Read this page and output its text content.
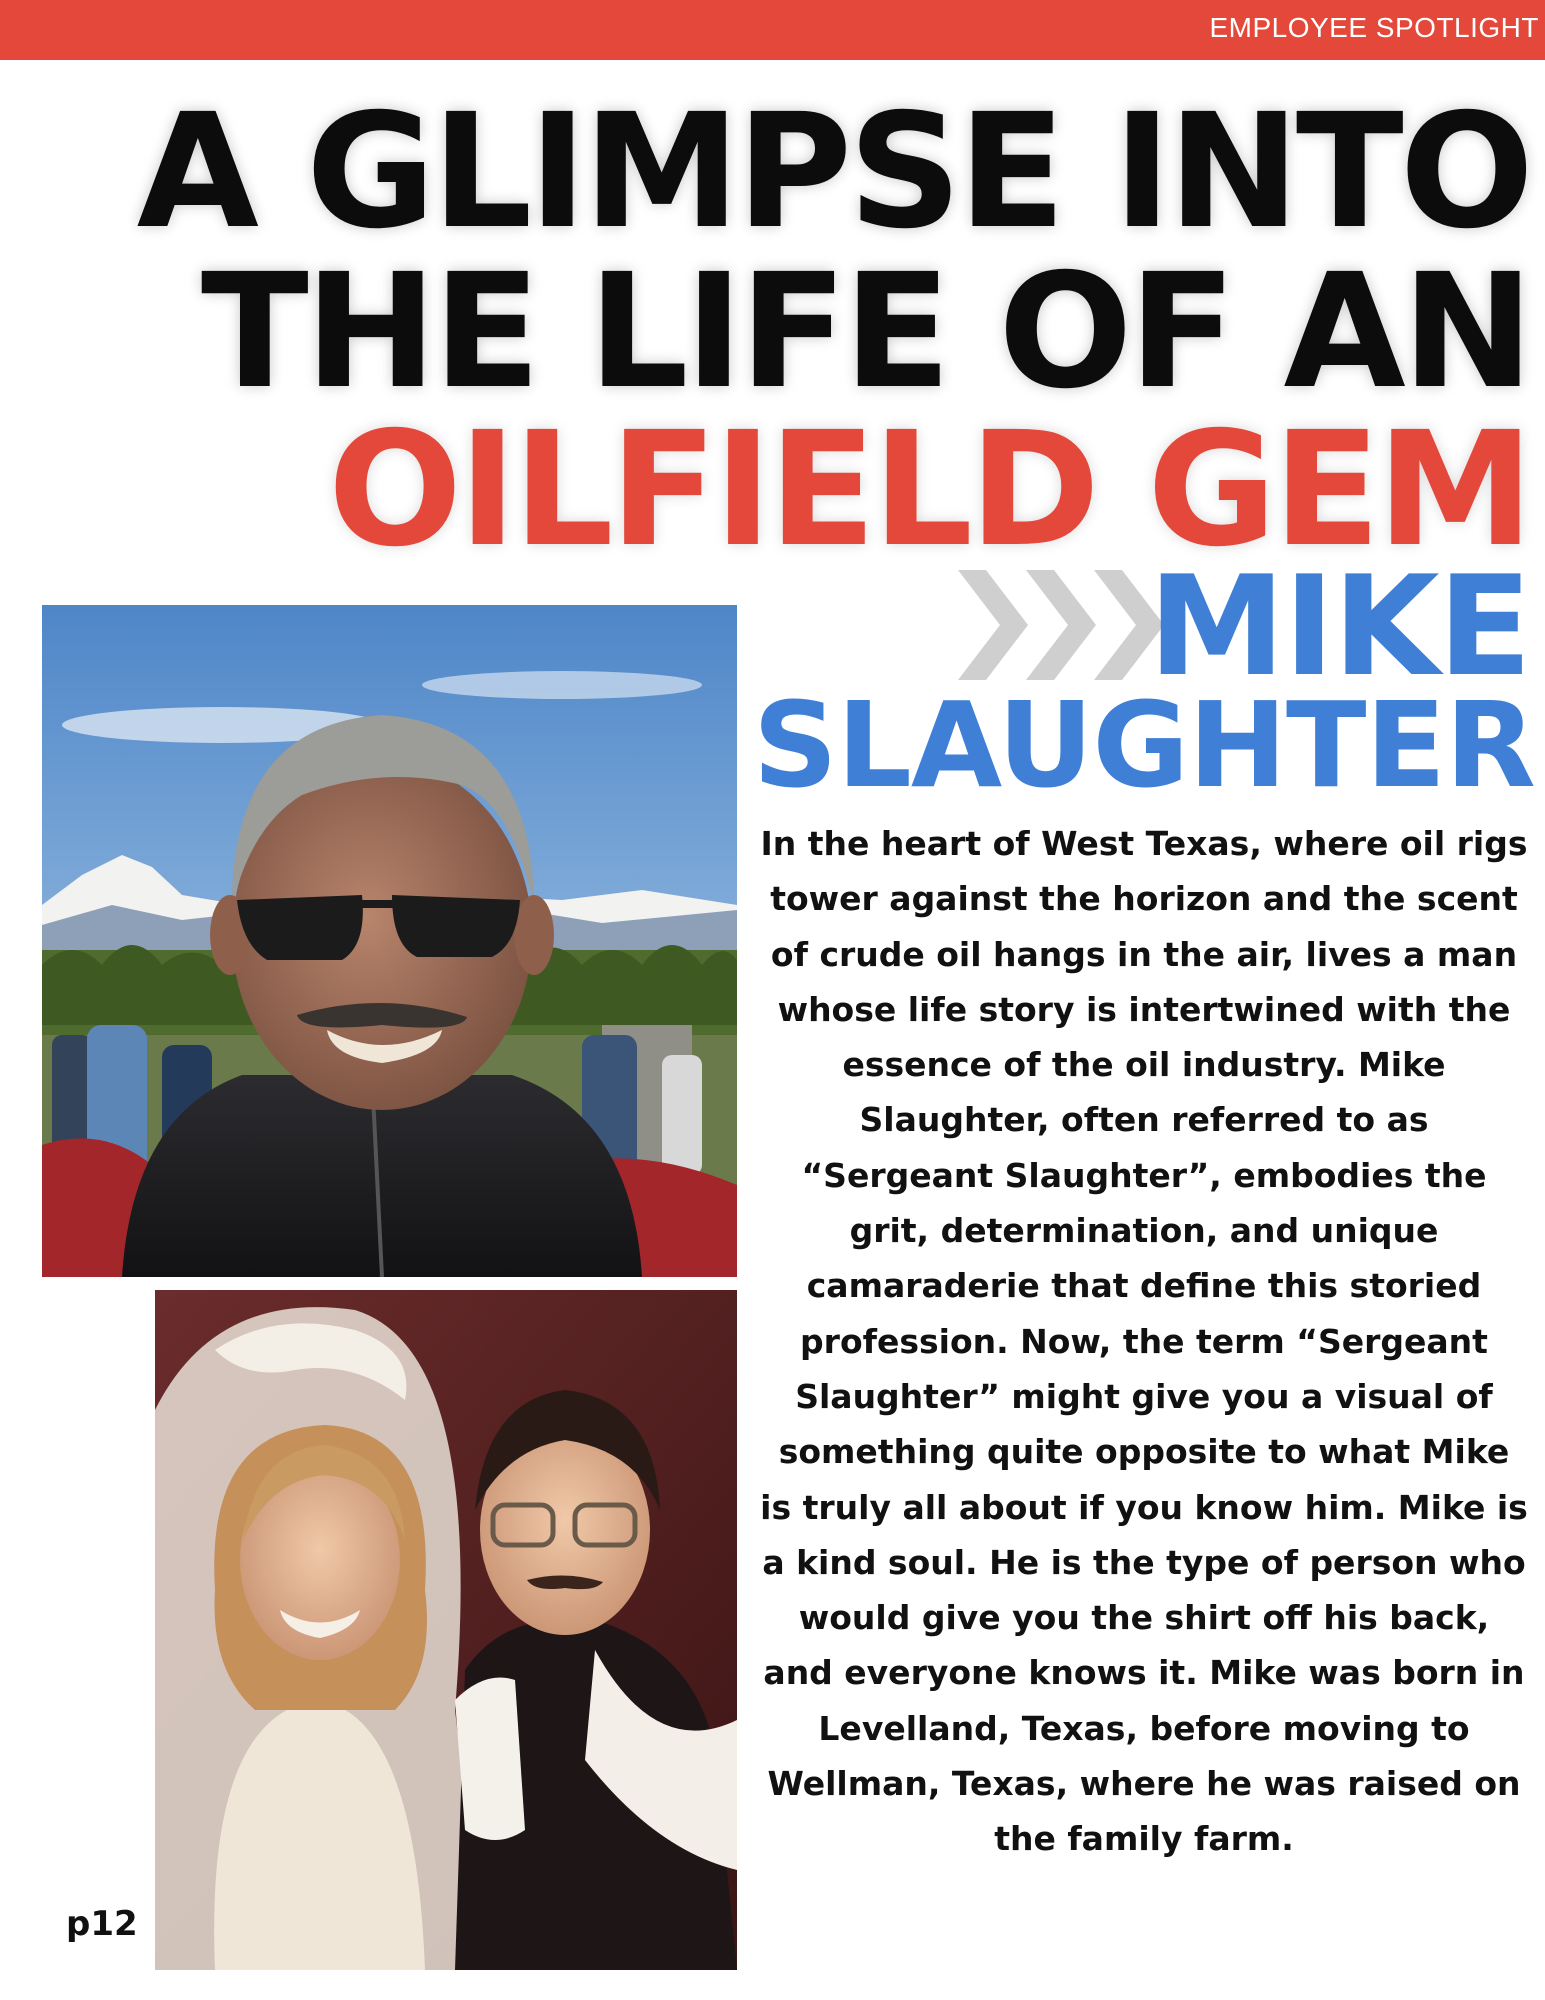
EMPLOYEE SPOTLIGHT
A GLIMPSE INTO
THE LIFE OF AN
OILFIELD GEM
MIKE
SLAUGHTER

In the heart of West Texas, where oil rigs tower against the horizon and the scent of crude oil hangs in the air, lives a man whose life story is intertwined with the essence of the oil industry. Mike Slaughter, often referred to as “Sergeant Slaughter”, embodies the grit, determination, and unique camaraderie that define this storied profession. Now, the term “Sergeant Slaughter” might give you a visual of something quite opposite to what Mike is truly all about if you know him. Mike is a kind soul. He is the type of person who would give you the shirt off his back, and everyone knows it. Mike was born in Levelland, Texas, before moving to Wellman, Texas, where he was raised on the family farm.

p12
